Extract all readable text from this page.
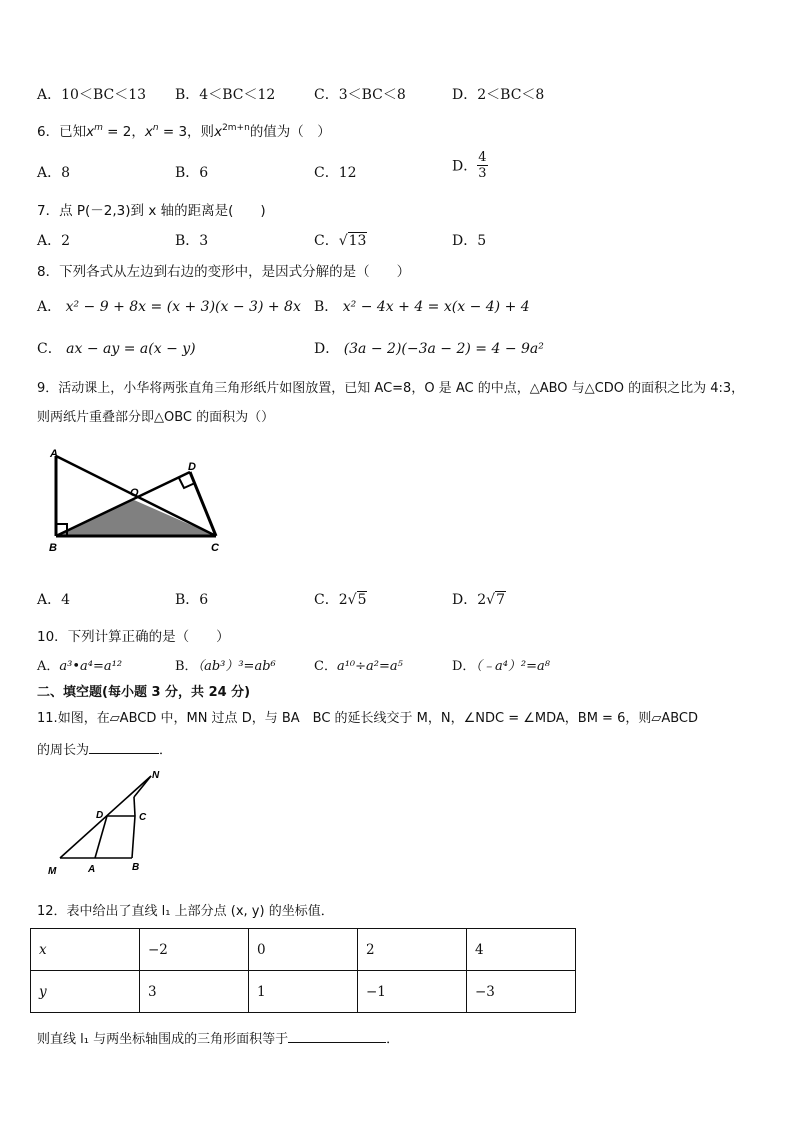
A．10＜BC＜13 B．4＜BC＜12	C．3＜BC＜8	D．2＜BC＜8
6．已知$x^m = 2$，$x^n = 3$，则$x^{2m+n}$的值为（　）
A．8	B．6	C．12	D． $\frac{4}{3}$
7．点 P(－2,3)到 x 轴的距离是(　　)
A．2	B．3	C．√13	D．5
8．下列各式从左边到右边的变形中，是因式分解的是（　　）
A． x² − 9 + 8x = (x + 3)(x − 3) + 8x B． x² − 4x + 4 = x(x − 4) + 4
C． ax − ay = a(x − y)	D． (3a − 2)(−3a − 2) = 4 − 9a²
9．活动课上，小华将两张直角三角形纸片如图放置，已知 AC=8，O 是 AC 的中点，△ABO 与△CDO 的面积之比为 4:3，
则两纸片重叠部分即△OBC 的面积为（）
A
B	C
D
O
A．4	B．6	C．2√5	D．2√7
10．下列计算正确的是（　　）
A．a³•a⁴=a¹²	B．（ab³）³=ab⁶	C．a¹⁰÷a²=a⁵	D．（﹣a⁴）²=a⁸
二、填空题(每小题 3 分，共 24 分)
11.如图，在▱ABCD 中，MN 过点 D，与 BA　BC 的延长线交于 M，N，∠NDC = ∠MDA，BM = 6，则▱ABCD
的周长为	．
N
D	C
M	A	B
12．表中给出了直线 l₁ 上部分点 (x, y) 的坐标值．
x	−2	0	2	4
y	3	1	−1	−3
则直线 l₁ 与两坐标轴围成的三角形面积等于	．
